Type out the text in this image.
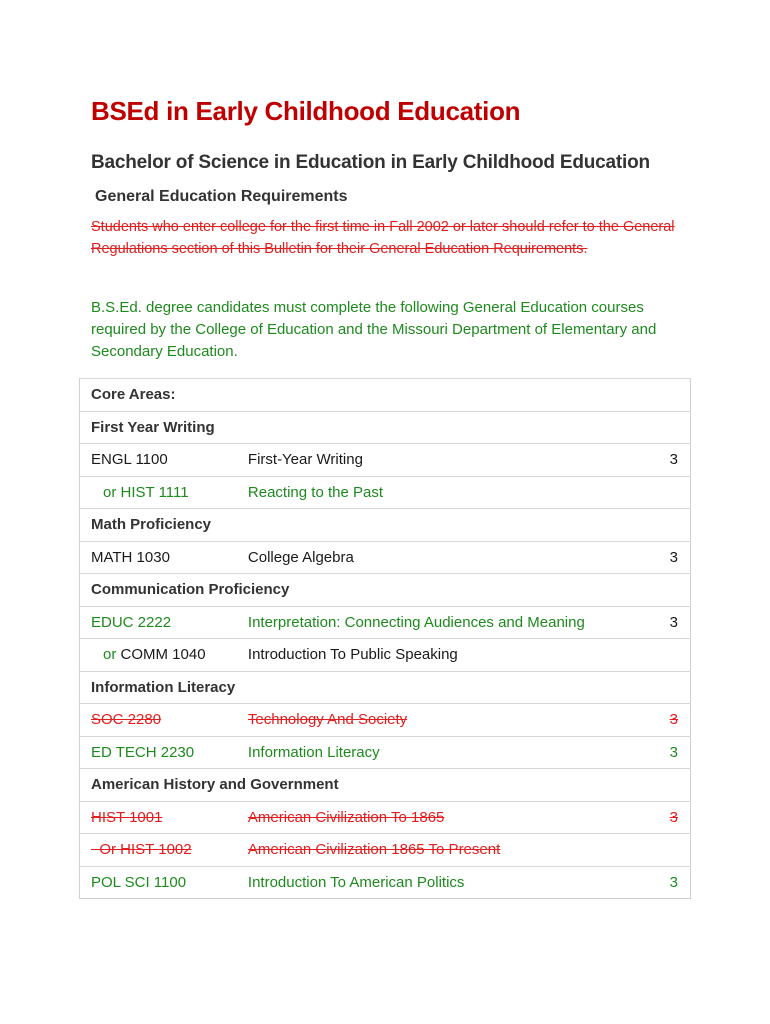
BSEd in Early Childhood Education
Bachelor of Science in Education in Early Childhood Education
General Education Requirements

Students who enter college for the first time in Fall 2002 or later should refer to the General Regulations section of this Bulletin for their General Education Requirements.

B.S.Ed. degree candidates must complete the following General Education courses required by the College of Education and the Missouri Department of Elementary and Secondary Education.

Core Areas:		
First Year Writing		
ENGL 1100	First-Year Writing	3
or HIST 1111	Reacting to the Past	
Math Proficiency		
MATH 1030	College Algebra	3
Communication Proficiency		
EDUC 2222	Interpretation: Connecting Audiences and Meaning	3
or COMM 1040	Introduction To Public Speaking	
Information Literacy		
SOC 2280	Technology And Society	3
ED TECH 2230	Information Literacy	3
American History and Government		
HIST 1001	American Civilization To 1865	3
Or HIST 1002	American Civilization 1865 To Present	
POL SCI 1100	Introduction To American Politics	3
